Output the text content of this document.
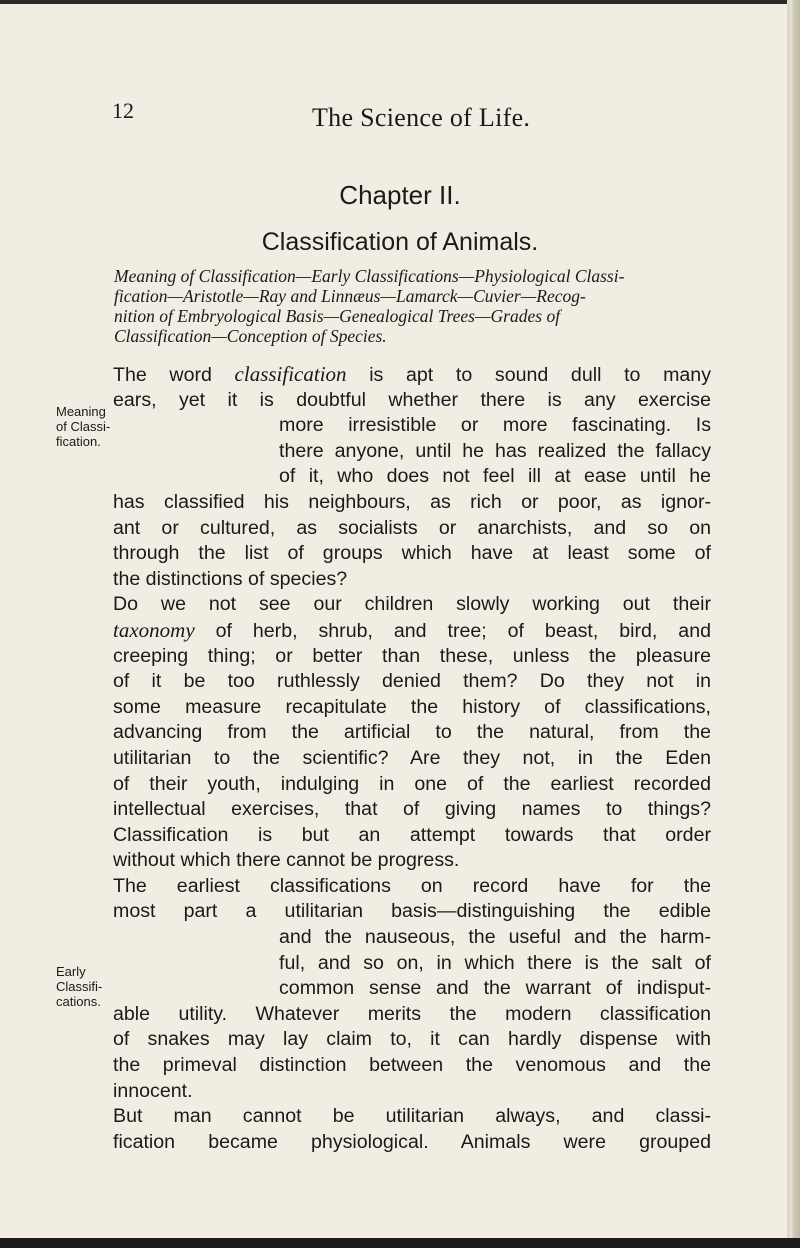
12	The Science of Life.
Chapter II.
Classification of Animals.
Meaning of Classification—Early Classifications—Physiological Classi-
fication—Aristotle—Ray and Linnæus—Lamarck—Cuvier—Recog-
nition of Embryological Basis—Genealogical Trees—Grades of
Classification—Conception of Species.
Meaning
of Classi-
fication.
Early
Classifi-
cations.
The word classification is apt to sound dull to many
ears, yet it is doubtful whether there is any exercise
more irresistible or more fascinating. Is
there anyone, until he has realized the fallacy
of it, who does not feel ill at ease until he
has classified his neighbours, as rich or poor, as ignor-
ant or cultured, as socialists or anarchists, and so on
through the list of groups which have at least some of
the distinctions of species?
Do we not see our children slowly working out their
taxonomy of herb, shrub, and tree; of beast, bird, and
creeping thing; or better than these, unless the pleasure
of it be too ruthlessly denied them? Do they not in
some measure recapitulate the history of classifications,
advancing from the artificial to the natural, from the
utilitarian to the scientific? Are they not, in the Eden
of their youth, indulging in one of the earliest recorded
intellectual exercises, that of giving names to things?
Classification is but an attempt towards that order
without which there cannot be progress.
The earliest classifications on record have for the
most part a utilitarian basis—distinguishing the edible
and the nauseous, the useful and the harm-
ful, and so on, in which there is the salt of
common sense and the warrant of indisput-
able utility. Whatever merits the modern classification
of snakes may lay claim to, it can hardly dispense with
the primeval distinction between the venomous and the
innocent.
But man cannot be utilitarian always, and classi-
fication became physiological. Animals were grouped
